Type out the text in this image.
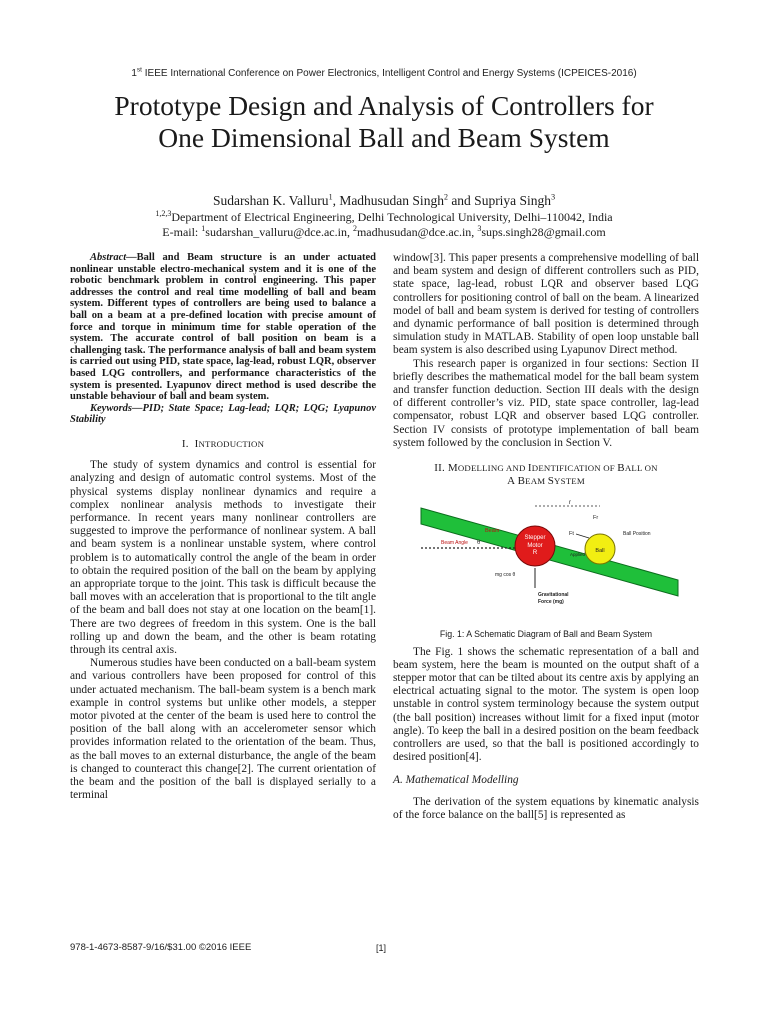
1st IEEE International Conference on Power Electronics, Intelligent Control and Energy Systems (ICPEICES-2016)
Prototype Design and Analysis of Controllers for
One Dimensional Ball and Beam System
Sudarshan K. Valluru$^1$, Madhusudan Singh$^2$ and Supriya Singh$^3$
$^{1,2,3}$Department of Electrical Engineering, Delhi Technological University, Delhi–110042, India
E-mail: $^1$sudarshan_valluru@dce.ac.in, $^2$madhusudan@dce.ac.in, $^3$sups.singh28@gmail.com

Abstract—Ball and Beam structure is an under actuated nonlinear unstable electro-mechanical system and it is one of the robotic benchmark problem in control engineering. This paper addresses the control and real time modelling of ball and beam system. Different types of controllers are being used to balance a ball on a beam at a pre-defined location with precise amount of force and torque in minimum time for stable operation of the system. The accurate control of ball position on beam is a challenging task. The performance analysis of ball and beam system is carried out using PID, state space, lag-lead, robust LQR, observer based LQG controllers, and performance characteristics of the system is presented. Lyapunov direct method is used describe the unstable behaviour of ball and beam system.

Keywords—PID; State Space; Lag-lead; LQR; LQG; Lyapunov Stability

I. INTRODUCTION

The study of system dynamics and control is essential for analyzing and design of automatic control systems. Most of the physical systems display nonlinear dynamics and require a complex nonlinear analysis methods to investigate their performance. In recent years many nonlinear controllers are suggested to improve the performance of nonlinear system. A ball and beam system is a nonlinear unstable system, where control problem is to automatically control the angle of the beam in order to obtain the required position of the ball on the beam by applying an appropriate torque to the joint. This task is difficult because the ball moves with an acceleration that is proportional to the tilt angle of the beam and ball does not stay at one location on the beam[1]. There are two degrees of freedom in this system. One is the ball rolling up and down the beam, and the other is beam rotating through its central axis.

Numerous studies have been conducted on a ball-beam system and various controllers have been proposed for control of this under actuated mechanism. The ball-beam system is a bench mark example in control systems but unlike other models, a stepper motor pivoted at the center of the beam is used here to control the position of the ball along with an accelerometer sensor which provides information related to the orientation of the beam. Thus, as the ball moves to an external disturbance, the angle of the beam is changed to counteract this change[2]. The current orientation of the beam and the position of the ball is displayed serially to a terminal

window[3]. This paper presents a comprehensive modelling of ball and beam system and design of different controllers such as PID, state space, lag-lead, robust LQR and observer based LQG controllers for positioning control of ball on the beam. A linearized model of ball and beam system is derived for testing of controllers and dynamic performance of ball position is determined through simulation study in MATLAB. Stability of open loop unstable ball beam system is also described using Lyapunov Direct method.

This research paper is organized in four sections: Section II briefly describes the mathematical model for the ball beam system and transfer function deduction. Section III deals with the design of different controller’s viz. PID, state space controller, lag-lead compensator, robust LQR and observer based LQG controller. Section IV consists of prototype implementation of ball beam system followed by the conclusion in Section V.

II. MODELLING AND IDENTIFICATION OF BALL ON
A BEAM SYSTEM
Beam
Beam Angle θ
Stepper
Motor
R	Ball
r
Fr
Ft	Ball Position
Applied
mg cos θ
Gravitational
Force (mg)
Fig. 1: A Schematic Diagram of Ball and Beam System

The Fig. 1 shows the schematic representation of a ball and beam system, here the beam is mounted on the output shaft of a stepper motor that can be tilted about its centre axis by applying an electrical actuating signal to the motor. The system is open loop unstable in control system terminology because the system output (the ball position) increases without limit for a fixed input (motor angle). To keep the ball in a desired position on the beam feedback controllers are used, so that the ball is positioned accordingly to desired position[4].

A. Mathematical Modelling

The derivation of the system equations by kinematic analysis of the force balance on the ball[5] is represented as

978-1-4673-8587-9/16/$31.00 ©2016 IEEE	[1]
